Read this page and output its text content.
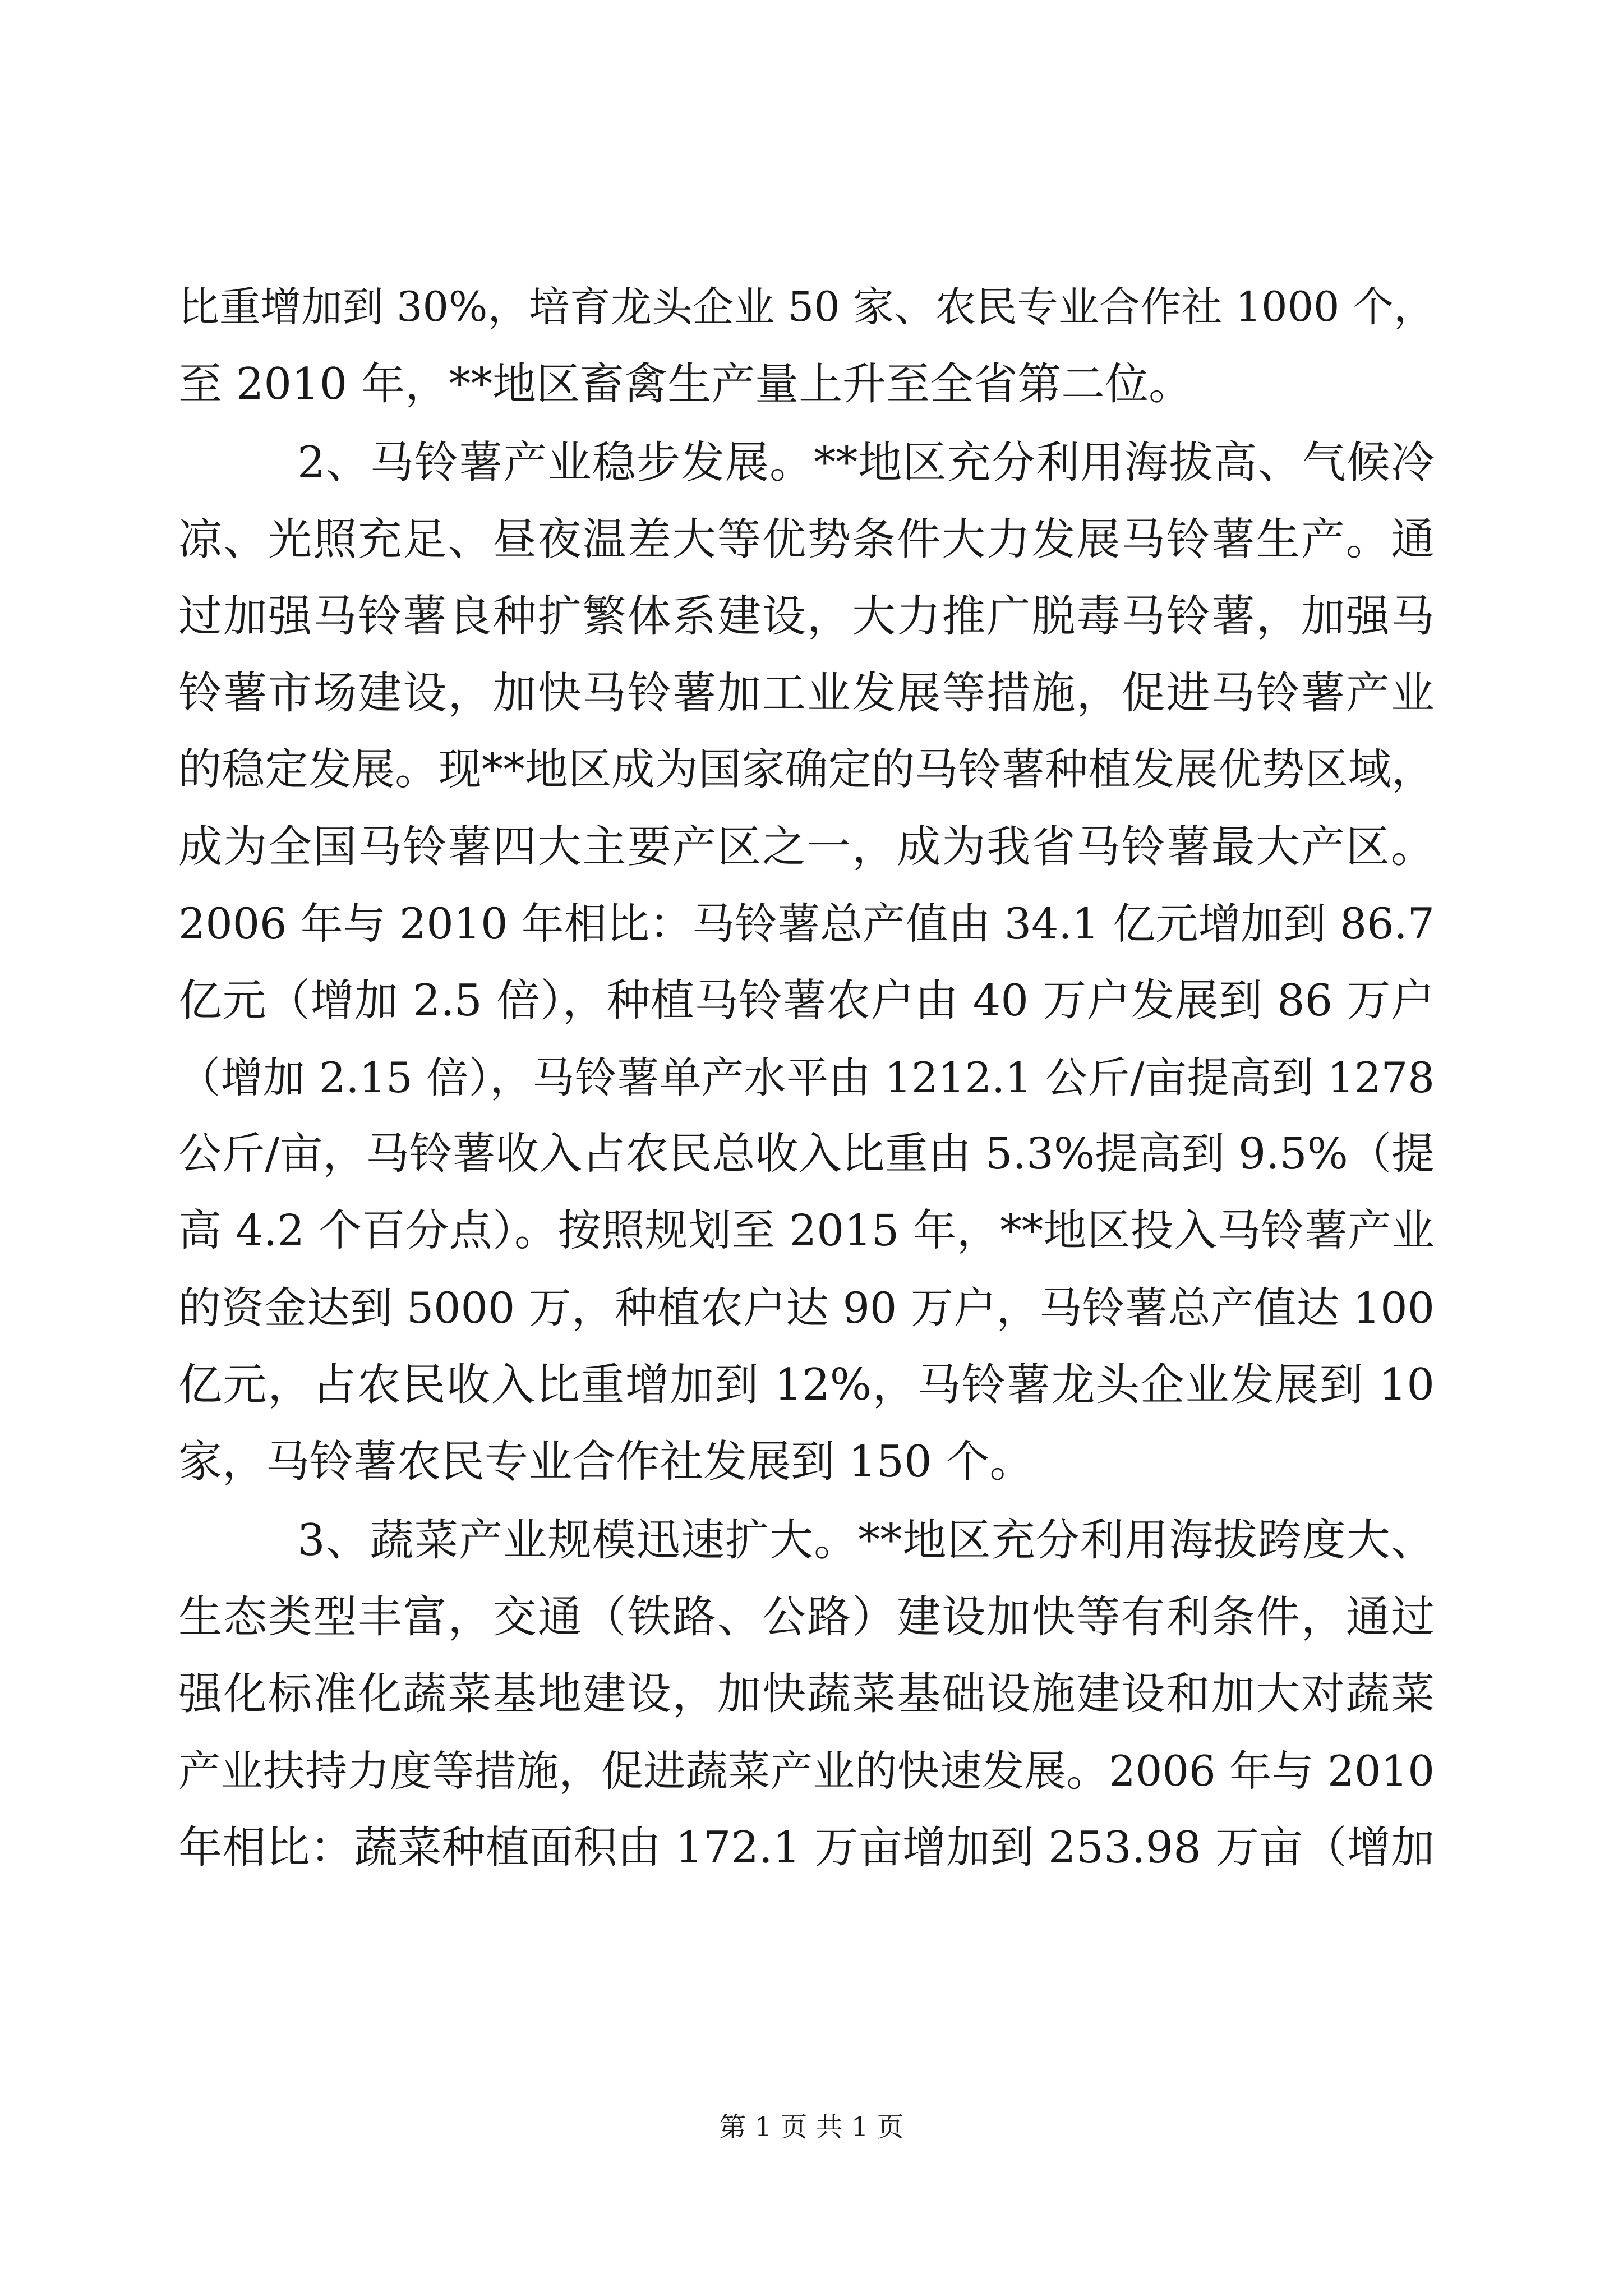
比重增加到 30%，培育龙头企业 50 家、农民专业合作社 1000 个，
至 2010 年，**地区畜禽生产量上升至全省第二位。
2、马铃薯产业稳步发展。**地区充分利用海拔高、气候冷
凉、光照充足、昼夜温差大等优势条件大力发展马铃薯生产。通
过加强马铃薯良种扩繁体系建设，大力推广脱毒马铃薯，加强马
铃薯市场建设，加快马铃薯加工业发展等措施，促进马铃薯产业
的稳定发展。现**地区成为国家确定的马铃薯种植发展优势区域，
成为全国马铃薯四大主要产区之一，成为我省马铃薯最大产区。
2006 年与 2010 年相比：马铃薯总产值由 34.1 亿元增加到 86.7
亿元（增加 2.5 倍），种植马铃薯农户由 40 万户发展到 86 万户
（增加 2.15 倍），马铃薯单产水平由 1212.1 公斤/亩提高到 1278
公斤/亩，马铃薯收入占农民总收入比重由 5.3%提高到 9.5%（提
高 4.2 个百分点）。按照规划至 2015 年，**地区投入马铃薯产业
的资金达到 5000 万，种植农户达 90 万户，马铃薯总产值达 100
亿元，占农民收入比重增加到 12%，马铃薯龙头企业发展到 10
家，马铃薯农民专业合作社发展到 150 个。
3、蔬菜产业规模迅速扩大。**地区充分利用海拔跨度大、
生态类型丰富，交通（铁路、公路）建设加快等有利条件，通过
强化标准化蔬菜基地建设，加快蔬菜基础设施建设和加大对蔬菜
产业扶持力度等措施，促进蔬菜产业的快速发展。2006 年与 2010
年相比：蔬菜种植面积由 172.1 万亩增加到 253.98 万亩（增加
第 1 页 共 1 页
